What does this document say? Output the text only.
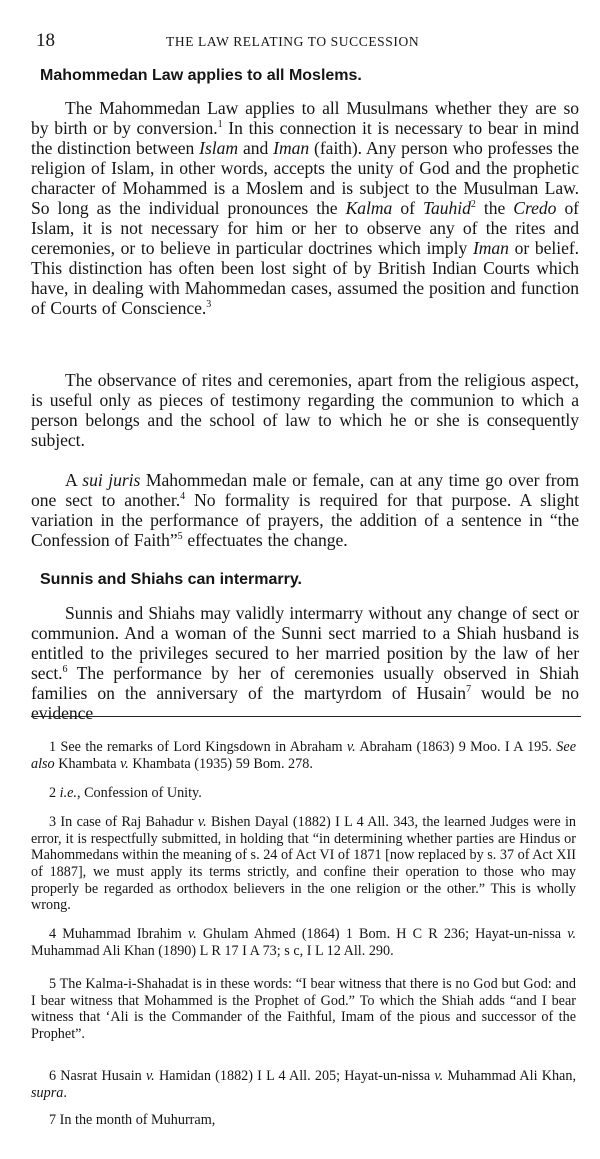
18	THE LAW RELATING TO SUCCESSION
Mahommedan Law applies to all Moslems.

The Mahommedan Law applies to all Musulmans whether they are so by birth or by conversion.$^1$ In this connection it is necessary to bear in mind the distinction between Islam and Iman (faith). Any person who professes the religion of Islam, in other words, accepts the unity of God and the prophetic character of Mohammed is a Moslem and is subject to the Musulman Law. So long as the individual pronounces the Kalma of Tauhid$^2$ the Credo of Islam, it is not necessary for him or her to observe any of the rites and ceremonies, or to believe in particular doctrines which imply Iman or belief. This distinction has often been lost sight of by British Indian Courts which have, in dealing with Mahommedan cases, assumed the position and function of Courts of Conscience.$^3$

The observance of rites and ceremonies, apart from the religious aspect, is useful only as pieces of testimony regarding the communion to which a person belongs and the school of law to which he or she is consequently subject.

A sui juris Mahommedan male or female, can at any time go over from one sect to another.$^4$ No formality is required for that purpose. A slight variation in the performance of prayers, the addition of a sentence in “the Confession of Faith”$^5$ effectuates the change.

Sunnis and Shiahs can intermarry.

Sunnis and Shiahs may validly intermarry without any change of sect or communion. And a woman of the Sunni sect married to a Shiah husband is entitled to the privileges secured to her married position by the law of her sect.$^6$ The performance by her of ceremonies usually observed in Shiah families on the anniversary of the martyrdom of Husain$^7$ would be no evidence

1 See the remarks of Lord Kingsdown in Abraham v. Abraham (1863) 9 Moo. I A 195. See also Khambata v. Khambata (1935) 59 Bom. 278.

2 i.e., Confession of Unity.

3 In case of Raj Bahadur v. Bishen Dayal (1882) I L 4 All. 343, the learned Judges were in error, it is respectfully submitted, in holding that “in determining whether parties are Hindus or Mahommedans within the meaning of s. 24 of Act VI of 1871 [now replaced by s. 37 of Act XII of 1887], we must apply its terms strictly, and confine their operation to those who may properly be regarded as orthodox believers in the one religion or the other.” This is wholly wrong.

4 Muhammad Ibrahim v. Ghulam Ahmed (1864) 1 Bom. H C R 236; Hayat-un-nissa v. Muhammad Ali Khan (1890) L R 17 I A 73; s c, I L 12 All. 290.

5 The Kalma-i-Shahadat is in these words: “I bear witness that there is no God but God: and I bear witness that Mohammed is the Prophet of God.” To which the Shiah adds “and I bear witness that ‘Ali is the Commander of the Faithful, Imam of the pious and successor of the Prophet”.

6 Nasrat Husain v. Hamidan (1882) I L 4 All. 205; Hayat-un-nissa v. Muhammad Ali Khan, supra.

7 In the month of Muhurram,
